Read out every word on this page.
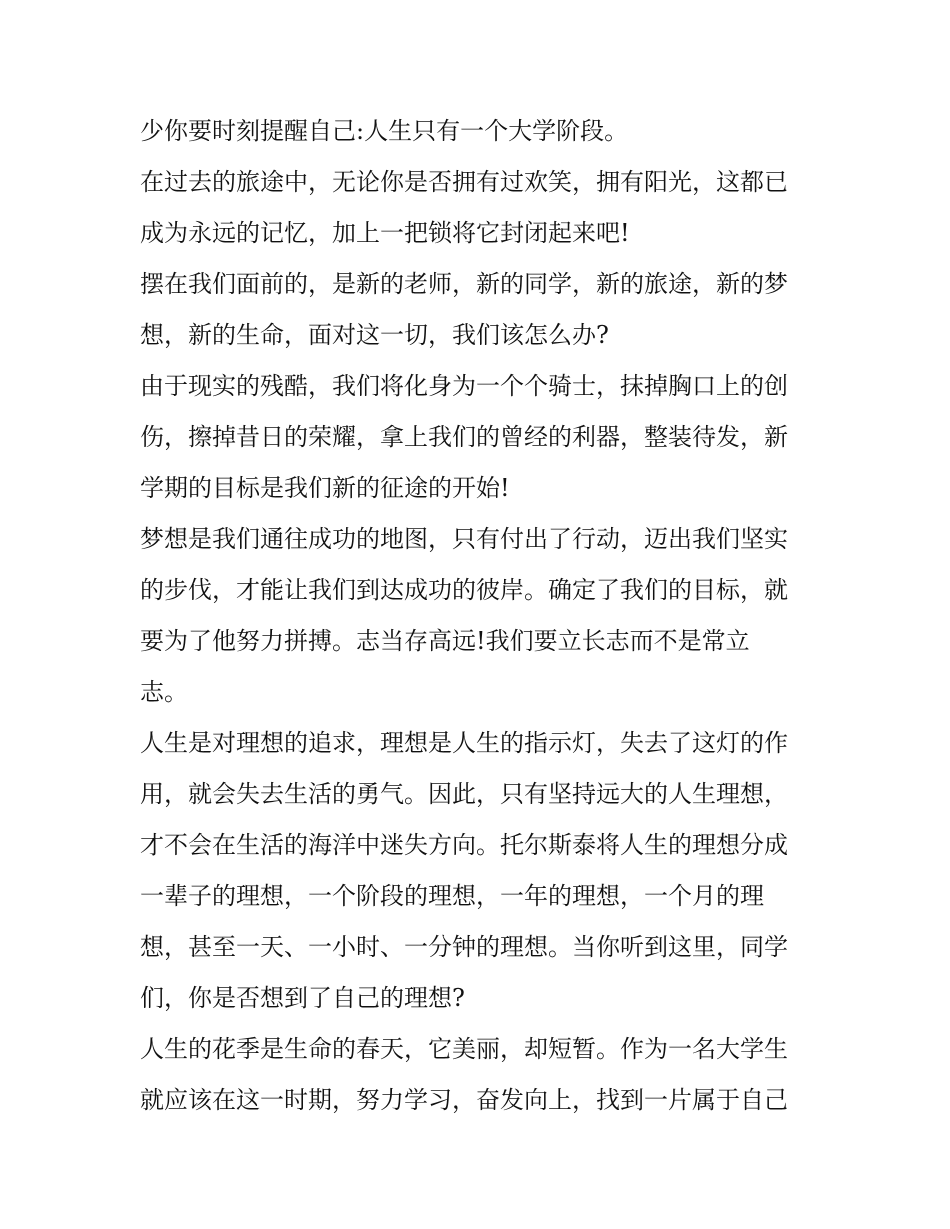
少你要时刻提醒自己:人生只有一个大学阶段。
在过去的旅途中，无论你是否拥有过欢笑，拥有阳光，这都已
成为永远的记忆，加上一把锁将它封闭起来吧!
摆在我们面前的，是新的老师，新的同学，新的旅途，新的梦
想，新的生命，面对这一切，我们该怎么办?
由于现实的残酷，我们将化身为一个个骑士，抹掉胸口上的创
伤，擦掉昔日的荣耀，拿上我们的曾经的利器，整装待发，新
学期的目标是我们新的征途的开始!
梦想是我们通往成功的地图，只有付出了行动，迈出我们坚实
的步伐，才能让我们到达成功的彼岸。确定了我们的目标，就
要为了他努力拼搏。志当存高远!我们要立长志而不是常立
志。
人生是对理想的追求，理想是人生的指示灯，失去了这灯的作
用，就会失去生活的勇气。因此，只有坚持远大的人生理想，
才不会在生活的海洋中迷失方向。托尔斯泰将人生的理想分成
一辈子的理想，一个阶段的理想，一年的理想，一个月的理
想，甚至一天、一小时、一分钟的理想。当你听到这里，同学
们，你是否想到了自己的理想?
人生的花季是生命的春天，它美丽，却短暂。作为一名大学生
就应该在这一时期，努力学习，奋发向上，找到一片属于自己
